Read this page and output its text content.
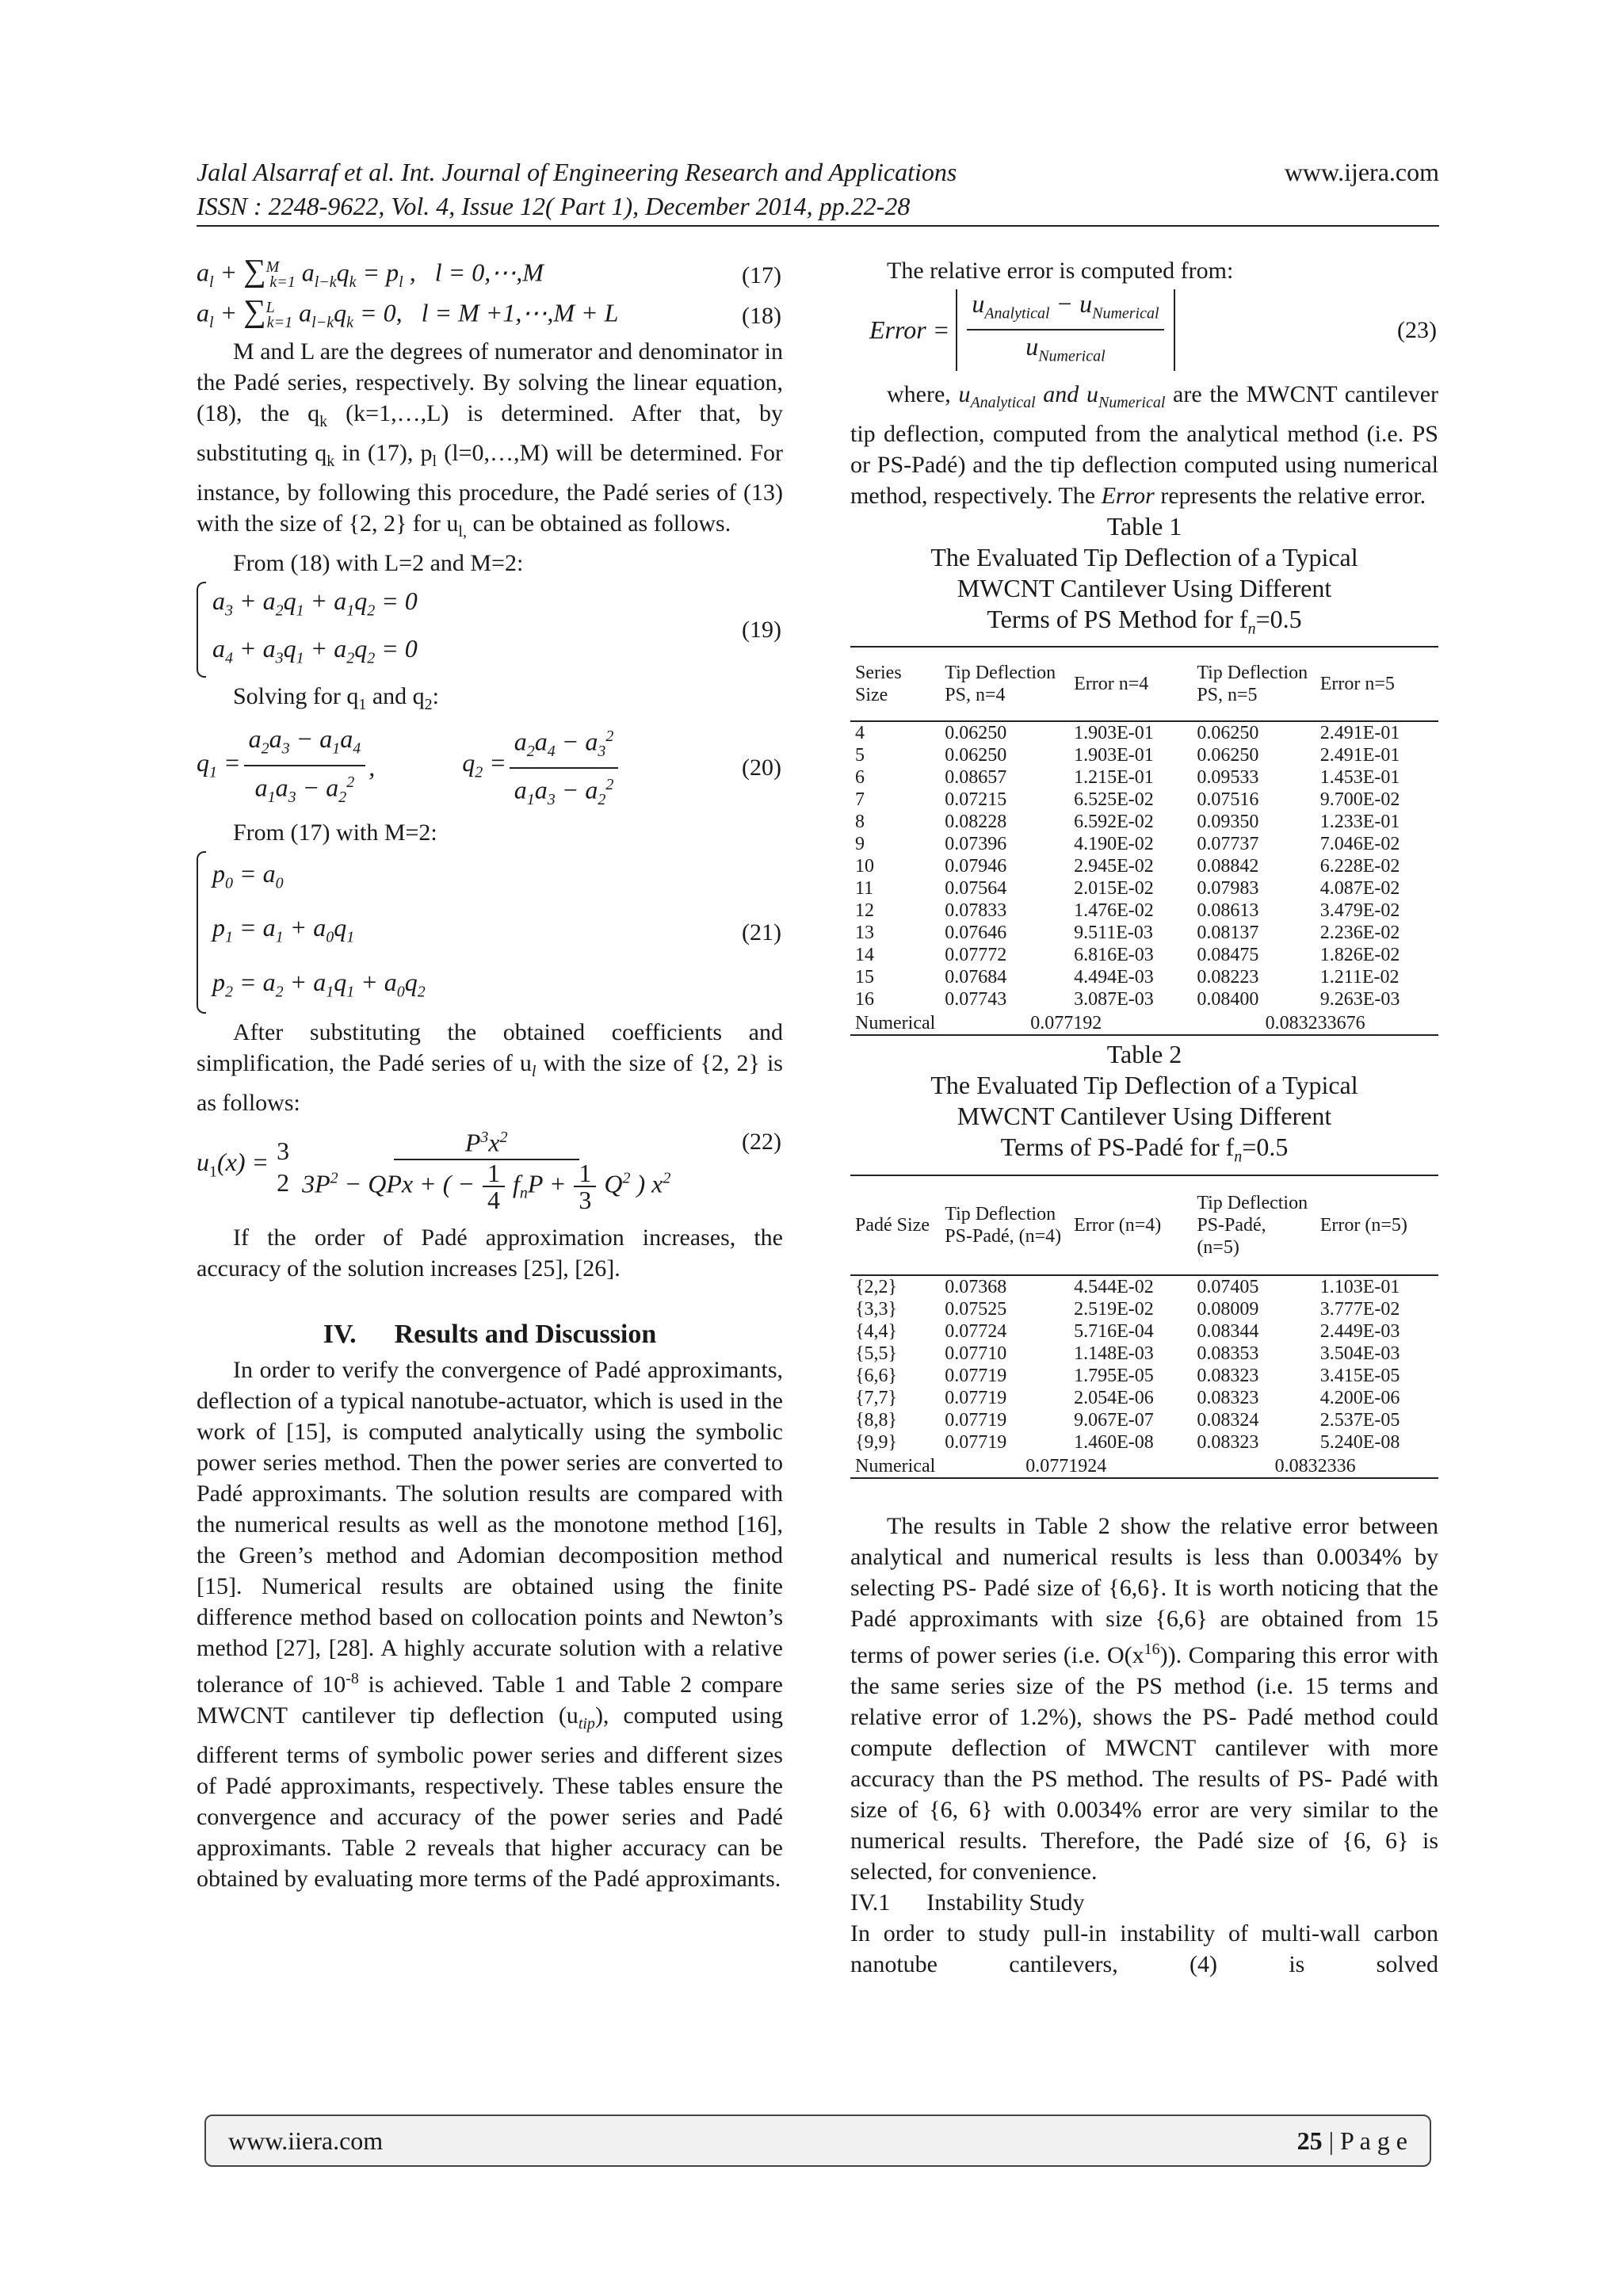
Jalal Alsarraf et al. Int. Journal of Engineering Research and Applications	www.ijera.com
ISSN : 2248-9622, Vol. 4, Issue 12( Part 1), December 2014, pp.22-28
$a_l + \sum^M_{k=1}$ $a_{l-k}q_k = p_l$ ,   l = 0,⋯,M	(17)
$a_l + \sum^L_{k=1}$ $a_{l-k}q_k = 0$,   l = M +1,⋯,M + L	(18)

M and L are the degrees of numerator and denominator in the Padé series, respectively. By solving the linear equation, (18), the $q_k$ (k=1,…,L) is determined. After that, by substituting $q_k$ in (17), $p_l$ (l=0,…,M) will be determined. For instance, by following this procedure, the Padé series of (13) with the size of {2, 2} for $u_{l,}$ can be obtained as follows.

From (18) with L=2 and M=2:

$a_3 + a_2q_1 + a_1q_2 = 0$
$a_4 + a_3q_1 + a_2q_2 = 0$
(19)

Solving for $q_1$ and $q_2$:

$q_1 = \frac{a_2a_3 - a_1a_4}{a_1a_3 - a_2^2}$ ,	$q_2 = \frac{a_2a_4 - a_3^2}{a_1a_3 - a_2^2}$	(20)

From (17) with M=2:

$p_0 = a_0$
$p_1 = a_1 + a_0q_1$
$p_2 = a_2 + a_1q_1 + a_0q_2$
(21)

After substituting the obtained coefficients and simplification, the Padé series of $u_l$ with the size of {2, 2} is as follows:

$u_1(x) = 3$
$2 \frac{P^3x^2}{3P^2 - QPx + ( - \frac{1}{4} f_nP + \frac{1}{3} Q^2 ) x^2}$	(22)

If the order of Padé approximation increases, the accuracy of the solution increases [25], [26].

IV. Results and Discussion

In order to verify the convergence of Padé approximants, deflection of a typical nanotube-actuator, which is used in the work of [15], is computed analytically using the symbolic power series method. Then the power series are converted to Padé approximants. The solution results are compared with the numerical results as well as the monotone method [16], the Green’s method and Adomian decomposition method [15]. Numerical results are obtained using the finite difference method based on collocation points and Newton’s method [27], [28]. A highly accurate solution with a relative tolerance of $10^{-8}$ is achieved. Table 1 and Table 2 compare MWCNT cantilever tip deflection $(u_{tip})$, computed using different terms of symbolic power series and different sizes of Padé approximants, respectively. These tables ensure the convergence and accuracy of the power series and Padé approximants. Table 2 reveals that higher accuracy can be obtained by evaluating more terms of the Padé approximants.

The relative error is computed from:

Error = $\frac{u_{Analytical} - u_{Numerical}}{u_{Numerical}}$	(23)

where, $u_{Analytical}$ and $u_{Numerical}$ are the MWCNT cantilever tip deflection, computed from the analytical method (i.e. PS or PS-Padé) and the tip deflection computed using numerical method, respectively. The Error represents the relative error.

Table 1
The Evaluated Tip Deflection of a Typical
MWCNT Cantilever Using Different
Terms of PS Method for $f_n=0.5$
Series Size	Tip Deflection PS, n=4	Error n=4	Tip Deflection PS, n=5	Error n=5
4	0.06250	1.903E-01	0.06250	2.491E-01
5	0.06250	1.903E-01	0.06250	2.491E-01
6	0.08657	1.215E-01	0.09533	1.453E-01
7	0.07215	6.525E-02	0.07516	9.700E-02
8	0.08228	6.592E-02	0.09350	1.233E-01
9	0.07396	4.190E-02	0.07737	7.046E-02
10	0.07946	2.945E-02	0.08842	6.228E-02
11	0.07564	2.015E-02	0.07983	4.087E-02
12	0.07833	1.476E-02	0.08613	3.479E-02
13	0.07646	9.511E-03	0.08137	2.236E-02
14	0.07772	6.816E-03	0.08475	1.826E-02
15	0.07684	4.494E-03	0.08223	1.211E-02
16	0.07743	3.087E-03	0.08400	9.263E-03
Numerical	0.077192		0.083233676	
Table 2
The Evaluated Tip Deflection of a Typical
MWCNT Cantilever Using Different
Terms of PS-Padé for $f_n=0.5$
Padé Size	Tip Deflection PS-Padé, (n=4)	Error (n=4)	Tip Deflection PS-Padé, (n=5)	Error (n=5)
{2,2}	0.07368	4.544E-02	0.07405	1.103E-01
{3,3}	0.07525	2.519E-02	0.08009	3.777E-02
{4,4}	0.07724	5.716E-04	0.08344	2.449E-03
{5,5}	0.07710	1.148E-03	0.08353	3.504E-03
{6,6}	0.07719	1.795E-05	0.08323	3.415E-05
{7,7}	0.07719	2.054E-06	0.08323	4.200E-06
{8,8}	0.07719	9.067E-07	0.08324	2.537E-05
{9,9}	0.07719	1.460E-08	0.08323	5.240E-08
Numerical	0.0771924		0.0832336	

The results in Table 2 show the relative error between analytical and numerical results is less than 0.0034% by selecting PS- Padé size of {6,6}. It is worth noticing that the Padé approximants with size {6,6} are obtained from 15 terms of power series (i.e. $O(x^{16})$). Comparing this error with the same series size of the PS method (i.e. 15 terms and relative error of 1.2%), shows the PS- Padé method could compute deflection of MWCNT cantilever with more accuracy than the PS method. The results of PS- Padé with size of {6, 6} with 0.0034% error are very similar to the numerical results. Therefore, the Padé size of {6, 6} is selected, for convenience.

IV.1 Instability Study

In order to study pull-in instability of multi-wall carbon nanotube cantilevers, (4) is solved

www.iiera.com	25 | P a g e
